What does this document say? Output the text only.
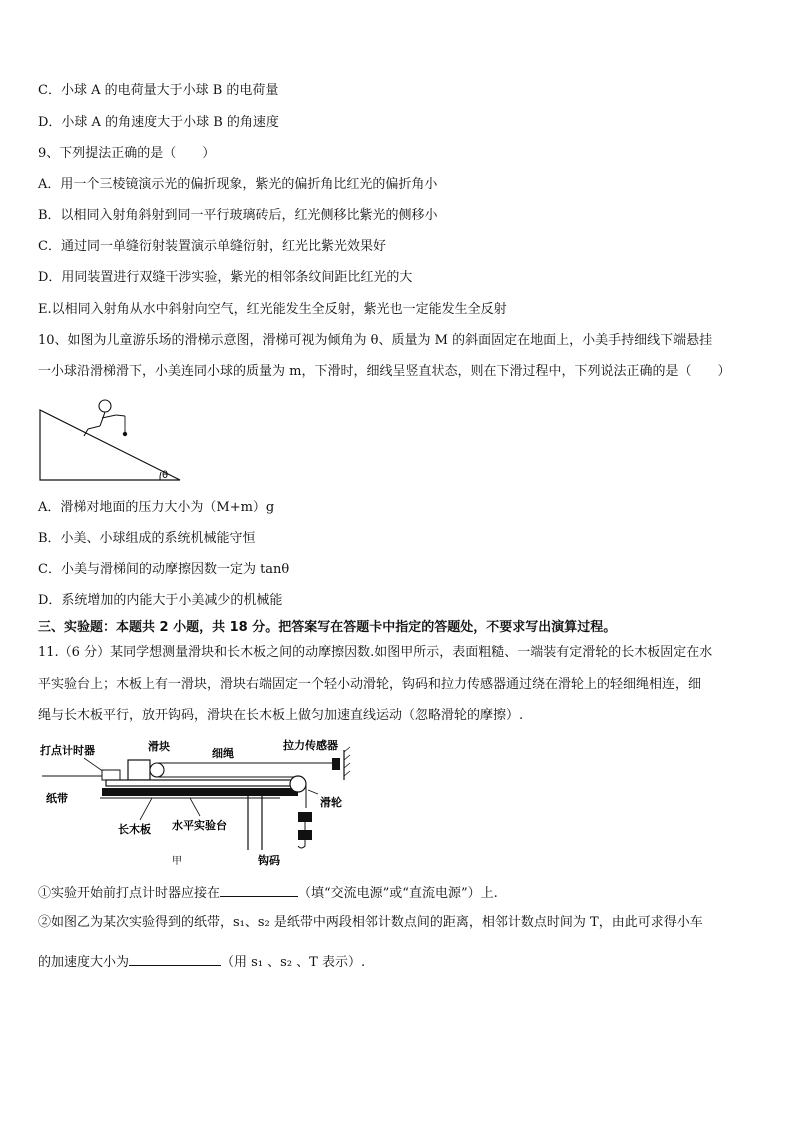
C．小球 A 的电荷量大于小球 B 的电荷量
D．小球 A 的角速度大于小球 B 的角速度
9、下列提法正确的是（　　）
A．用一个三棱镜演示光的偏折现象，紫光的偏折角比红光的偏折角小
B．以相同入射角斜射到同一平行玻璃砖后，红光侧移比紫光的侧移小
C．通过同一单缝衍射装置演示单缝衍射，红光比紫光效果好
D．用同装置进行双缝干涉实验，紫光的相邻条纹间距比红光的大
E.以相同入射角从水中斜射向空气，红光能发生全反射，紫光也一定能发生全反射
10、如图为儿童游乐场的滑梯示意图，滑梯可视为倾角为 θ、质量为 M 的斜面固定在地面上，小美手持细线下端悬挂
一小球沿滑梯滑下，小美连同小球的质量为 m，下滑时，细线呈竖直状态，则在下滑过程中，下列说法正确的是（　　）
θ
A．滑梯对地面的压力大小为（M+m）g
B．小美、小球组成的系统机械能守恒
C．小美与滑梯间的动摩擦因数一定为 tanθ
D．系统增加的内能大于小美减少的机械能
三、实验题：本题共 2 小题，共 18 分。把答案写在答题卡中指定的答题处，不要求写出演算过程。
11.（6 分）某同学想测量滑块和长木板之间的动摩擦因数.如图甲所示，表面粗糙、一端装有定滑轮的长木板固定在水
平实验台上；木板上有一滑块，滑块右端固定一个轻小动滑轮，钩码和拉力传感器通过绕在滑轮上的轻细绳相连，细
绳与长木板平行，放开钩码，滑块在长木板上做匀加速直线运动（忽略滑轮的摩擦）.
打点计时器	滑块
细绳
拉力传感器
纸带	滑轮
长木板 水平实验台
钩码
甲
①实验开始前打点计时器应接在	（填“交流电源”或“直流电源”）上.
②如图乙为某次实验得到的纸带，s₁、s₂ 是纸带中两段相邻计数点间的距离，相邻计数点时间为 T，由此可求得小车
的加速度大小为	（用 s₁ 、s₂ 、T 表示）.
